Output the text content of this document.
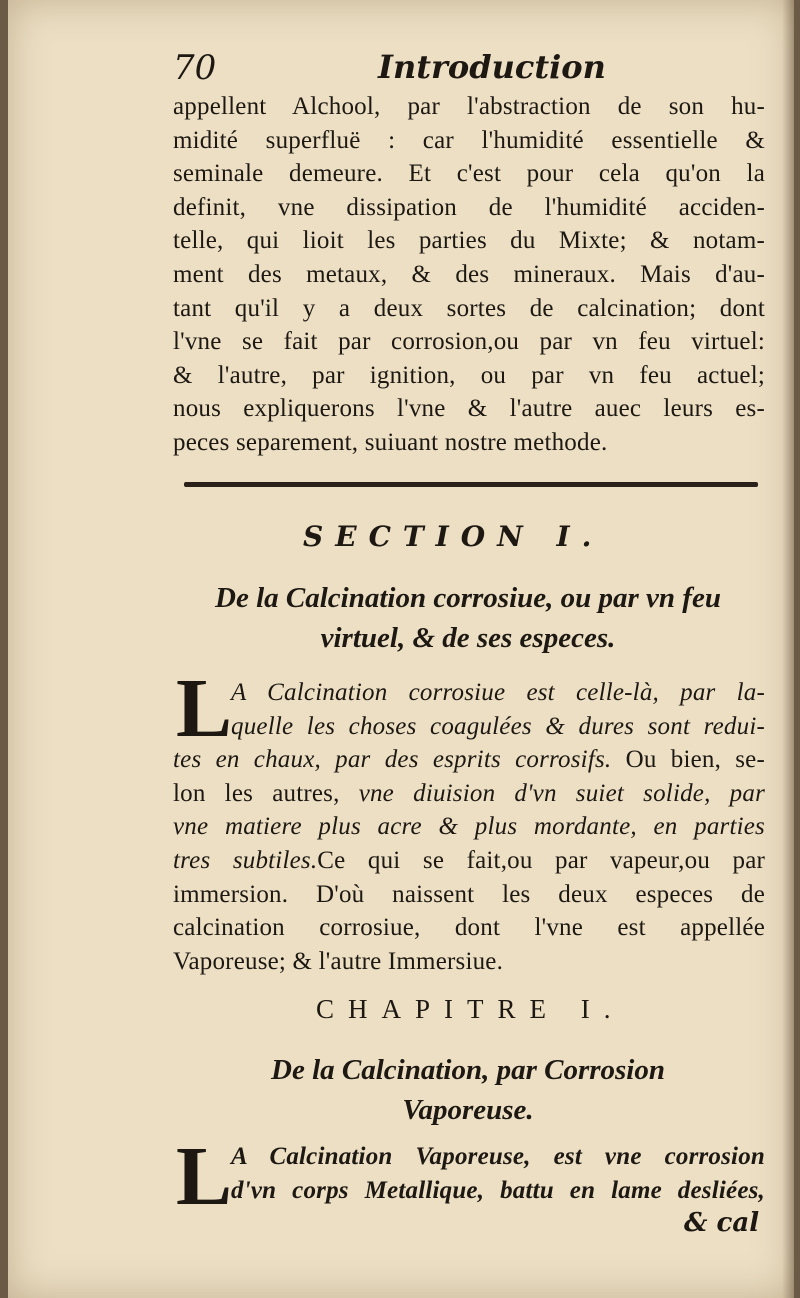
70	Introduction
appellent Alchool, par l'abstraction de son hu-
midité superfluë : car l'humidité essentielle &
seminale demeure. Et c'est pour cela qu'on la
definit, vne dissipation de l'humidité acciden-
telle, qui lioit les parties du Mixte; & notam-
ment des metaux, & des mineraux. Mais d'au-
tant qu'il y a deux sortes de calcination; dont
l'vne se fait par corrosion,ou par vn feu virtuel:
& l'autre, par ignition, ou par vn feu actuel;
nous expliquerons l'vne & l'autre auec leurs es-
peces separement, suiuant nostre methode.
SECTION I.
De la Calcination corrosiue, ou par vn feu
virtuel, & de ses especes.
L
A Calcination corrosiue est celle-là, par la-
quelle les choses coagulées & dures sont redui-
tes en chaux, par des esprits corrosifs. Ou bien, se-
lon les autres, vne diuision d'vn suiet solide, par
vne matiere plus acre & plus mordante, en parties
tres subtiles.Ce qui se fait,ou par vapeur,ou par
immersion. D'où naissent les deux especes de
calcination corrosiue, dont l'vne est appellée
Vaporeuse; & l'autre Immersiue.
CHAPITRE I.
De la Calcination, par Corrosion
Vaporeuse.
L
A Calcination Vaporeuse, est vne corrosion
d'vn corps Metallique, battu en lame desliées,
& cal
